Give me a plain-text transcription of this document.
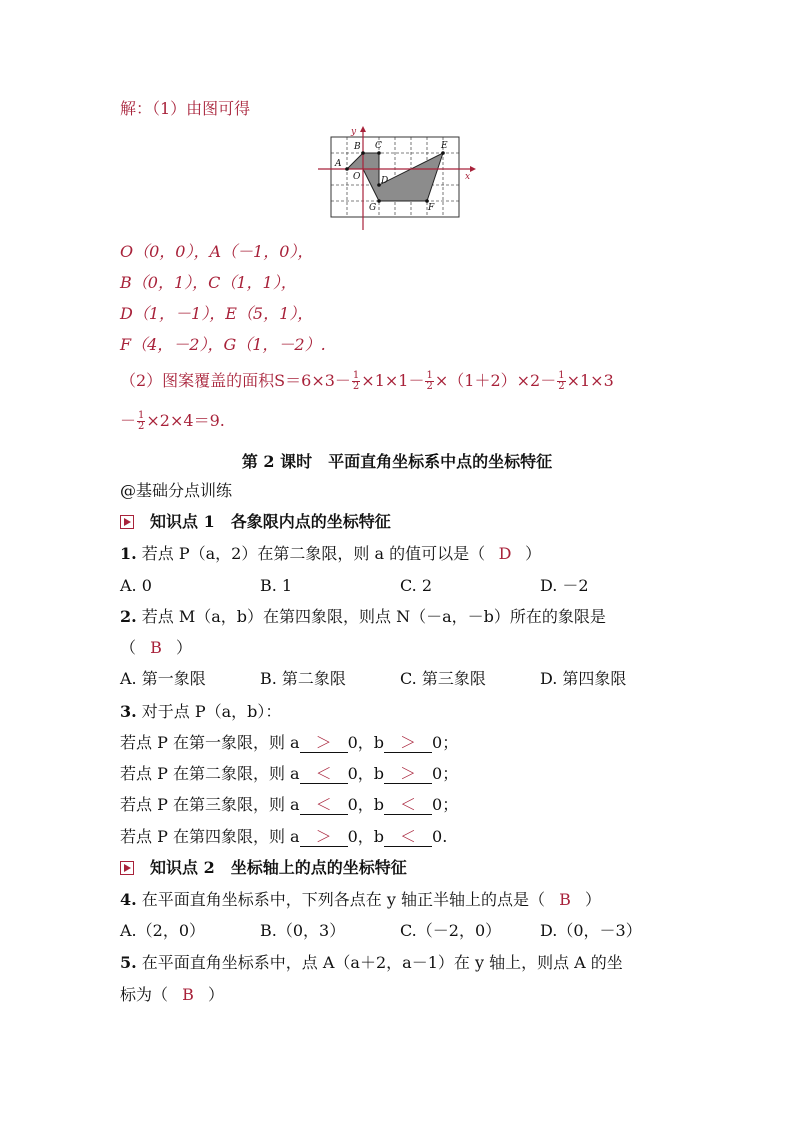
解：（1）由图可得
x
y
A
B C
O D
E
F
G
O（0，0），A（－1，0），
B（0，1），C（1，1），
D（1，－1），E（5，1），
F（4，－2），G（1，－2）.
（2）图案覆盖的面积$S=6\times 3- \frac{1}{2} \times 1\times 1- \frac{1}{2} \times(1+2)\times 2- \frac{1}{2} \times 1\times 3$
－ $\frac{1}{2} \times 2\times 4=9$.
第 2 课时　平面直角坐标系中点的坐标特征
@基础分点训练
知识点 1　各象限内点的坐标特征
1. 若点 P（a，2）在第二象限，则 a 的值可以是（ D ）
A. 0	B. 1	C. 2	D. －2
2. 若点 M（a，b）在第四象限，则点 N（－a，－b）所在的象限是
（ B ）
A. 第一象限	B. 第二象限	C. 第三象限	D. 第四象限
3. 对于点 P（a，b）：
若点 P 在第一象限，则 a ＞ 0，b ＞ 0；
若点 P 在第二象限，则 a ＜ 0，b ＞ 0；
若点 P 在第三象限，则 a ＜ 0，b ＜ 0；
若点 P 在第四象限，则 a ＞ 0，b ＜ 0.
知识点 2　坐标轴上的点的坐标特征
4. 在平面直角坐标系中，下列各点在 y 轴正半轴上的点是（ B ）
A.（2，0）	B.（0，3）	C.（－2，0） D.（0，－3）
5. 在平面直角坐标系中，点 A（a＋2，a－1）在 y 轴上，则点 A 的坐
标为（ B ）
